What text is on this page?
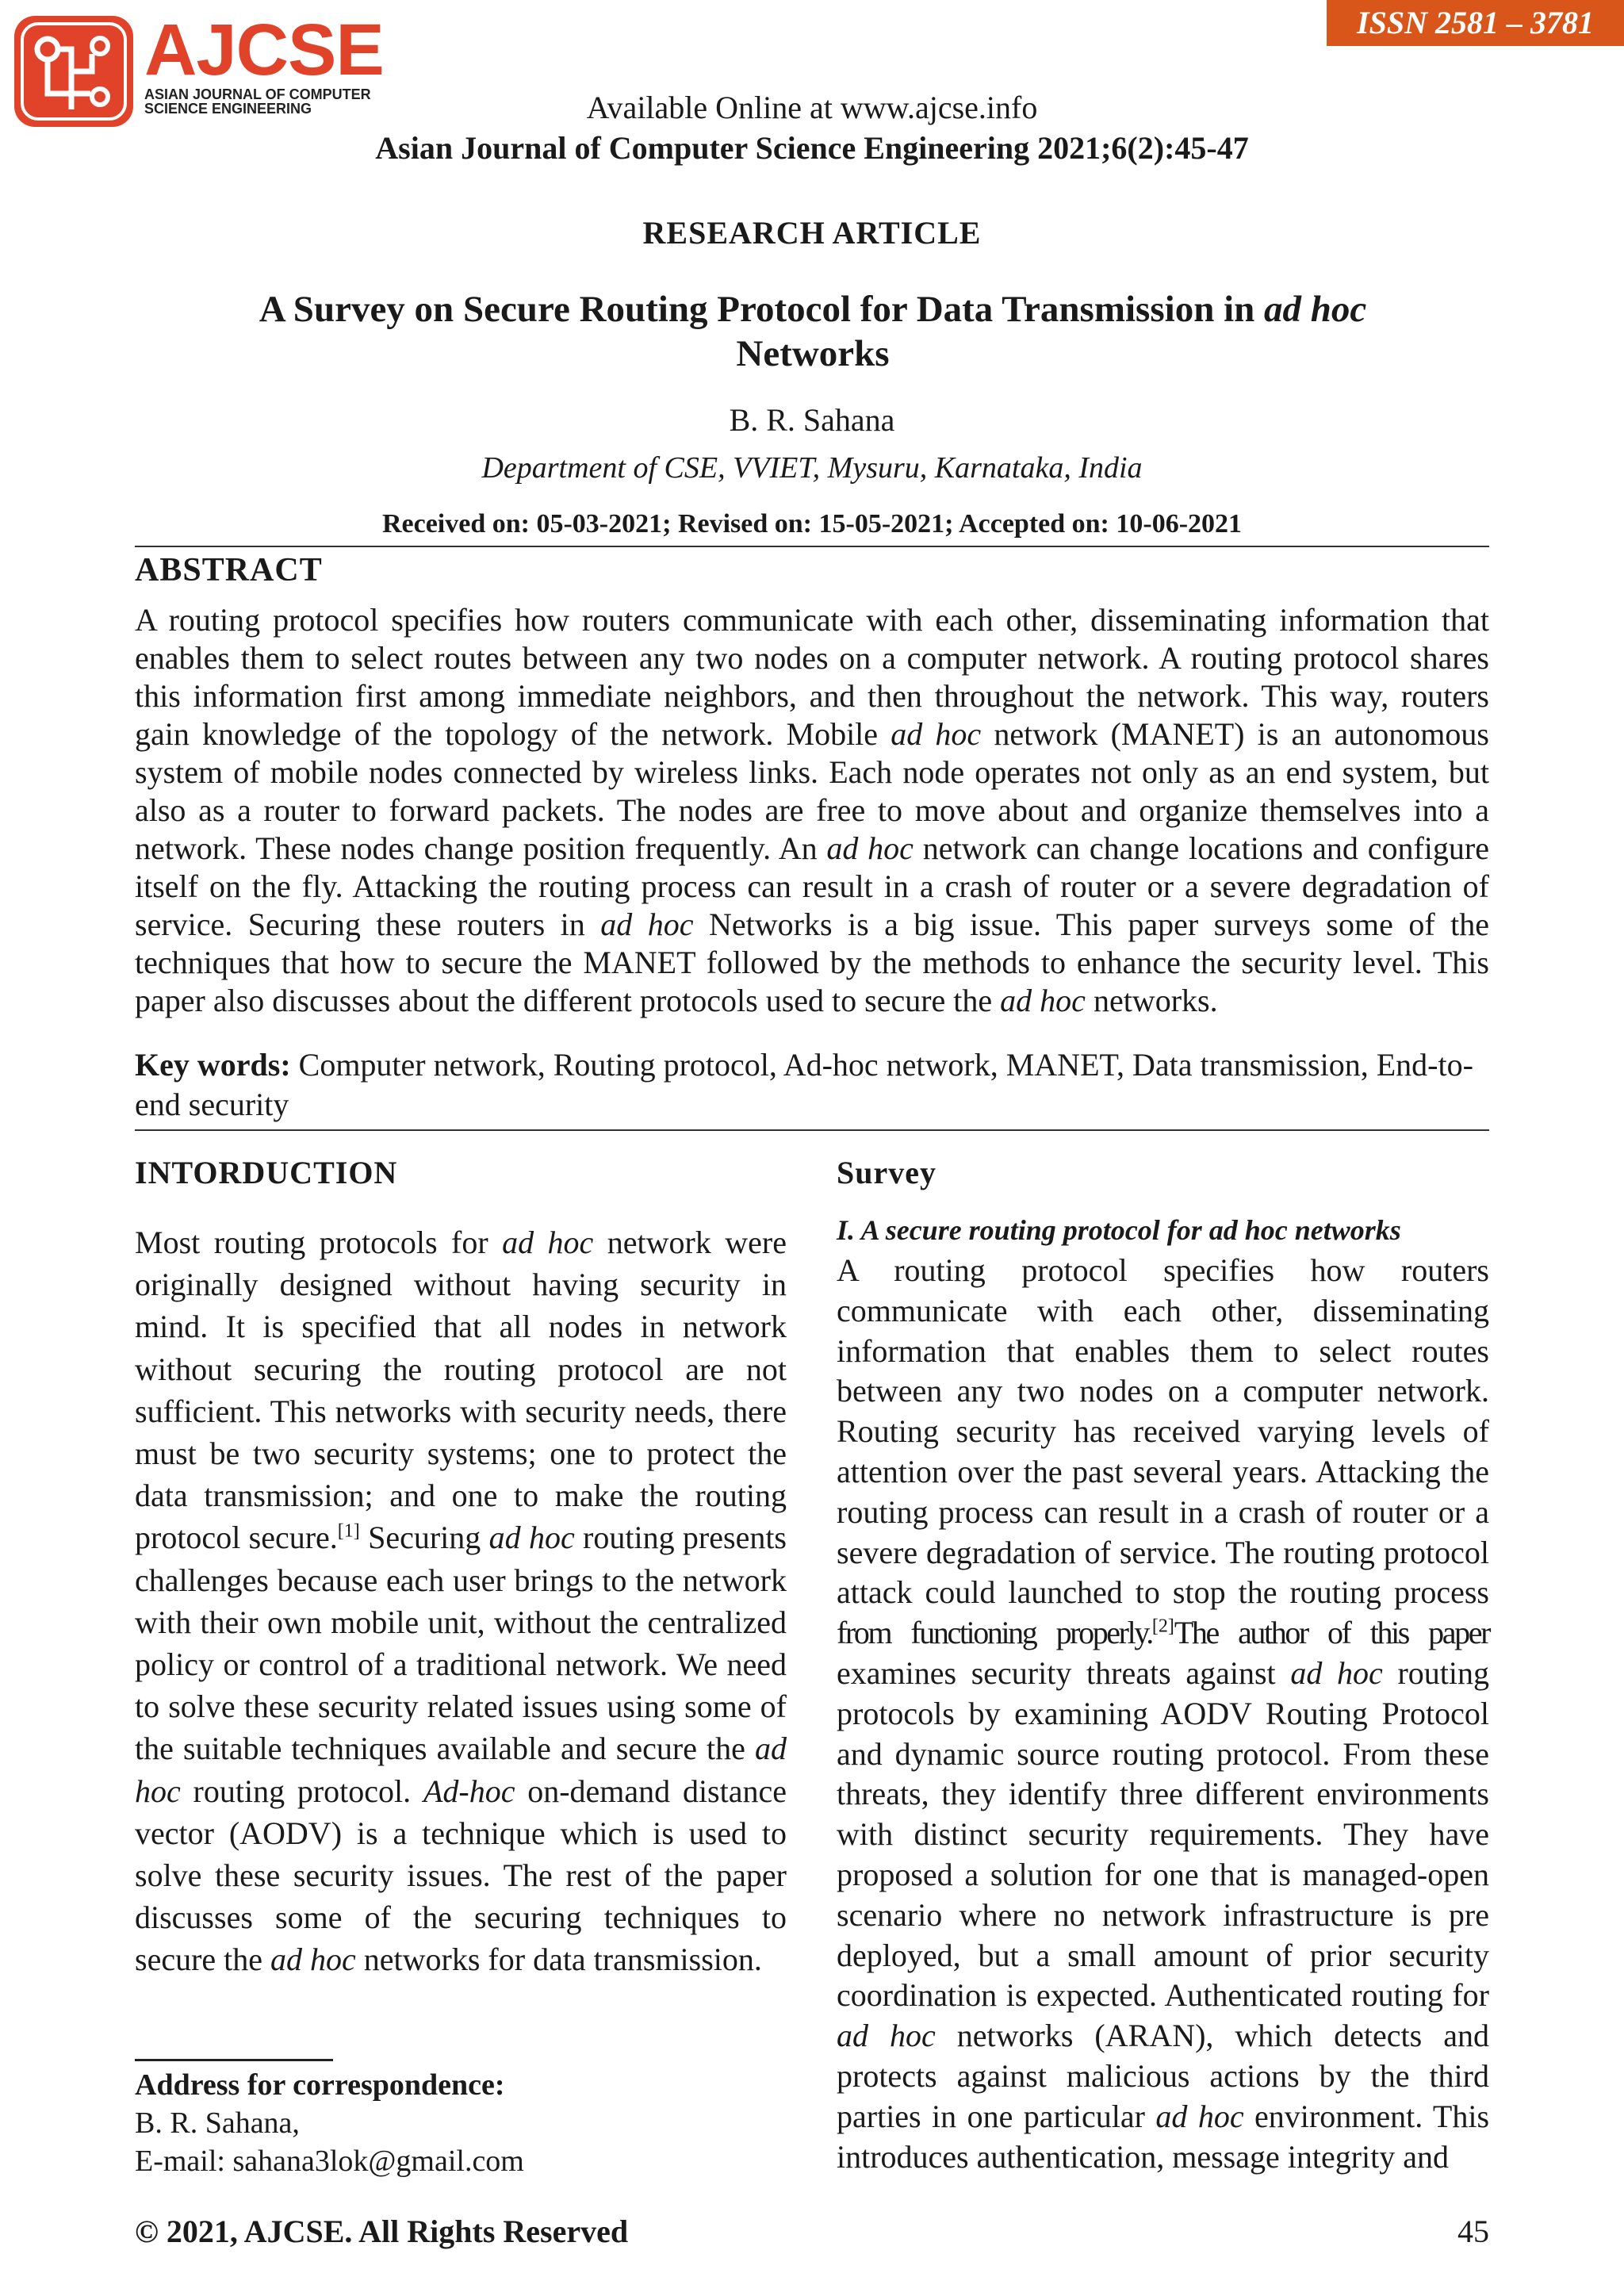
AJCSE
ASIAN JOURNAL OF COMPUTER
SCIENCE ENGINEERING
ISSN 2581 – 3781
Available Online at www.ajcse.info
Asian Journal of Computer Science Engineering 2021;6(2):45-47
RESEARCH ARTICLE
A Survey on Secure Routing Protocol for Data Transmission in ad hoc
Networks
B. R. Sahana
Department of CSE, VVIET, Mysuru, Karnataka, India
Received on: 05-03-2021; Revised on: 15-05-2021; Accepted on: 10-06-2021
ABSTRACT
A routing protocol specifies how routers communicate with each other, disseminating information that enables them to select routes between any two nodes on a computer network. A routing protocol shares this information first among immediate neighbors, and then throughout the network. This way, routers gain knowledge of the topology of the network. Mobile ad hoc network (MANET) is an autonomous system of mobile nodes connected by wireless links. Each node operates not only as an end system, but also as a router to forward packets. The nodes are free to move about and organize themselves into a network. These nodes change position frequently. An ad hoc network can change locations and configure itself on the fly. Attacking the routing process can result in a crash of router or a severe degradation of service. Securing these routers in ad hoc Networks is a big issue. This paper surveys some of the techniques that how to secure the MANET followed by the methods to enhance the security level. This paper also discusses about the different protocols used to secure the ad hoc networks.
Key words: Computer network, Routing protocol, Ad-hoc network, MANET, Data transmission, End-to-end security
INTORDUCTION
Most routing protocols for ad hoc network were originally designed without having security in mind. It is specified that all nodes in network without securing the routing protocol are not sufficient. This networks with security needs, there must be two security systems; one to protect the data transmission; and one to make the routing protocol secure.[1] Securing ad hoc routing presents challenges because each user brings to the network with their own mobile unit, without the centralized policy or control of a traditional network. We need to solve these security related issues using some of the suitable techniques available and secure the ad hoc routing protocol. Ad-hoc on-demand distance vector (AODV) is a technique which is used to solve these security issues. The rest of the paper discusses some of the securing techniques to secure the ad hoc networks for data transmission.
Address for correspondence:
B. R. Sahana,
E-mail: sahana3lok@gmail.com
Survey
I. A secure routing protocol for ad hoc networks
A routing protocol specifies how routers communicate with each other, disseminating information that enables them to select routes between any two nodes on a computer network. Routing security has received varying levels of attention over the past several years. Attacking the routing process can result in a crash of router or a severe degradation of service. The routing protocol attack could launched to stop the routing process from functioning properly.[2]The author of this paper examines security threats against ad hoc routing protocols by examining AODV Routing Protocol and dynamic source routing protocol. From these threats, they identify three different environments with distinct security requirements. They have proposed a solution for one that is managed-open scenario where no network infrastructure is pre deployed, but a small amount of prior security coordination is expected. Authenticated routing for ad hoc networks (ARAN), which detects and protects against malicious actions by the third parties in one particular ad hoc environment. This introduces authentication, message integrity and
© 2021, AJCSE. All Rights Reserved	45
